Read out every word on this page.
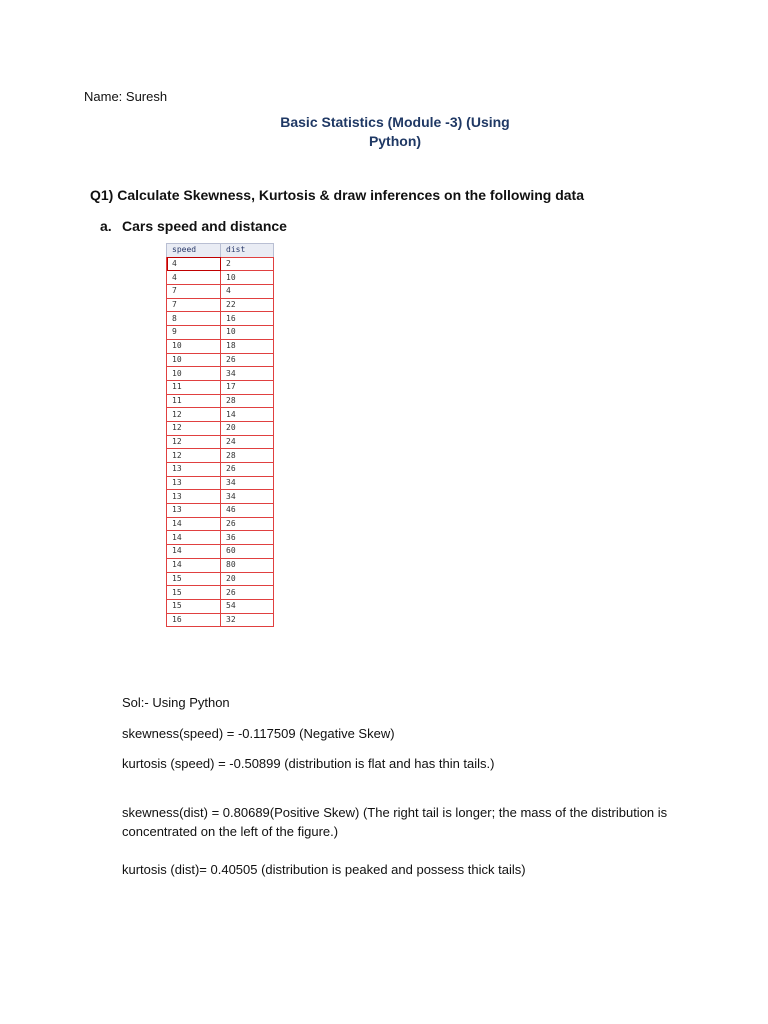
Name: Suresh
Basic Statistics (Module -3) (Using
Python)
Q1) Calculate Skewness, Kurtosis & draw inferences on the following data
a. Cars speed and distance
speed	dist
4	2
4	10
7	4
7	22
8	16
9	10
10	18
10	26
10	34
11	17
11	28
12	14
12	20
12	24
12	28
13	26
13	34
13	34
13	46
14	26
14	36
14	60
14	80
15	20
15	26
15	54
16	32
Sol:- Using Python
skewness(speed) = -0.117509 (Negative Skew)
kurtosis (speed) = -0.50899 (distribution is flat and has thin tails.)
skewness(dist) = 0.80689(Positive Skew) (The right tail is longer; the mass of the distribution is concentrated on the left of the figure.)
kurtosis (dist)= 0.40505 (distribution is peaked and possess thick tails)
